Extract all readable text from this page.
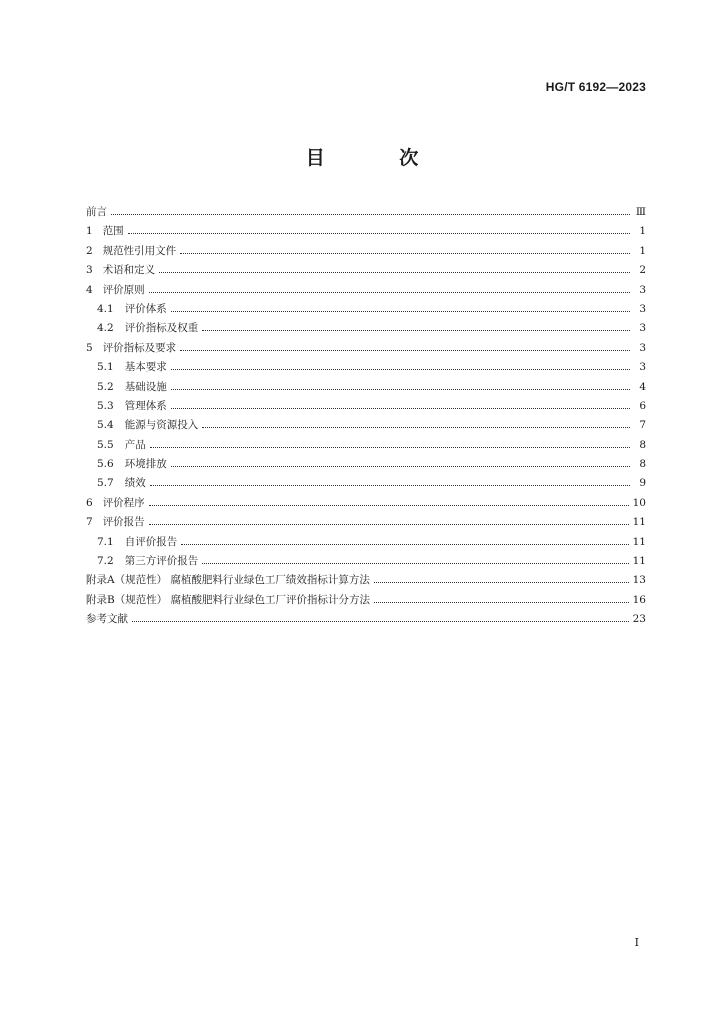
HG/T 6192—2023
目 次
前言	Ⅲ
1 范围	1
2 规范性引用文件	1
3 术语和定义	2
4 评价原则	3
4.1 评价体系	3
4.2 评价指标及权重	3
5 评价指标及要求	3
5.1 基本要求	3
5.2 基础设施	4
5.3 管理体系	6
5.4 能源与资源投入	7
5.5 产品	8
5.6 环境排放	8
5.7 绩效	9
6 评价程序	10
7 评价报告	11
7.1 自评价报告	11
7.2 第三方评价报告	11
附录A（规范性） 腐植酸肥料行业绿色工厂绩效指标计算方法	13
附录B（规范性） 腐植酸肥料行业绿色工厂评价指标计分方法	16
参考文献	23
Ⅰ
